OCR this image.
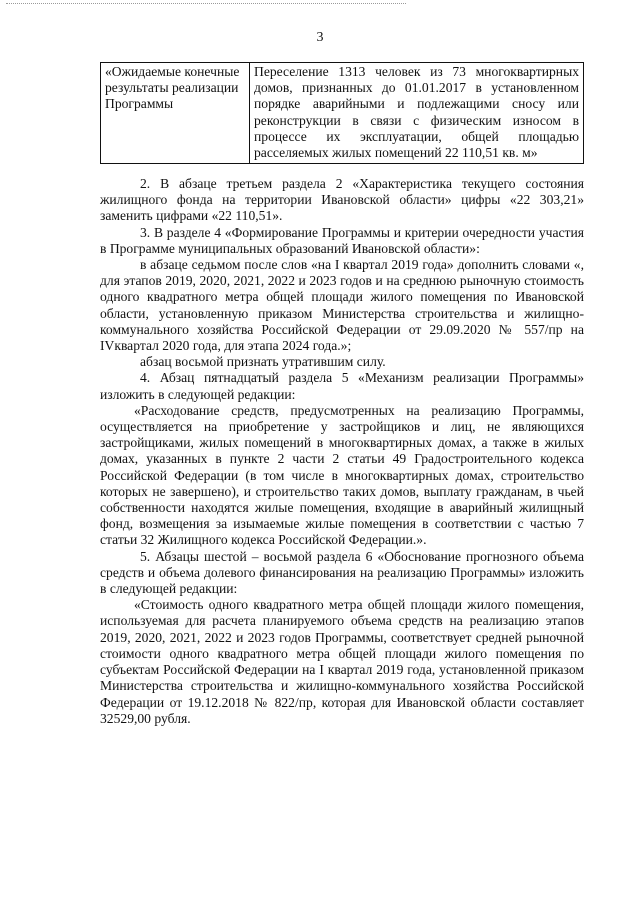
3
«Ожидаемые конечные результаты реализации Программы	Переселение 1313 человек из 73 многоквартирных домов, признанных до 01.01.2017 в установленном порядке аварийными и подлежащими сносу или реконструкции в связи с физическим износом в процессе их эксплуатации, общей площадью расселяемых жилых помещений 22 110,51 кв. м»

2. В абзаце третьем раздела 2 «Характеристика текущего состояния жилищного фонда на территории Ивановской области» цифры «22 303,21» заменить цифрами «22 110,51».

3. В разделе 4 «Формирование Программы и критерии очередности участия в Программе муниципальных образований Ивановской области»:

в абзаце седьмом после слов «на I квартал 2019 года» дополнить словами «, для этапов 2019, 2020, 2021, 2022 и 2023 годов и на среднюю рыночную стоимость одного квадратного метра общей площади жилого помещения по Ивановской области, установленную приказом Министерства строительства и жилищно-коммунального хозяйства Российской Федерации от 29.09.2020 № 557/пр на IVквартал 2020 года, для этапа 2024 года.»;

абзац восьмой признать утратившим силу.

4. Абзац пятнадцатый раздела 5 «Механизм реализации Программы» изложить в следующей редакции:

«Расходование средств, предусмотренных на реализацию Программы, осуществляется на приобретение у застройщиков и лиц, не являющихся застройщиками, жилых помещений в многоквартирных домах, а также в жилых домах, указанных в пункте 2 части 2 статьи 49 Градостроительного кодекса Российской Федерации (в том числе в многоквартирных домах, строительство которых не завершено), и строительство таких домов, выплату гражданам, в чьей собственности находятся жилые помещения, входящие в аварийный жилищный фонд, возмещения за изымаемые жилые помещения в соответствии с частью 7 статьи 32 Жилищного кодекса Российской Федерации.».

5. Абзацы шестой – восьмой раздела 6 «Обоснование прогнозного объема средств и объема долевого финансирования на реализацию Программы» изложить в следующей редакции:

«Стоимость одного квадратного метра общей площади жилого помещения, используемая для расчета планируемого объема средств на реализацию этапов 2019, 2020, 2021, 2022 и 2023 годов Программы, соответствует средней рыночной стоимости одного квадратного метра общей площади жилого помещения по субъектам Российской Федерации на I квартал 2019 года, установленной приказом Министерства строительства и жилищно-коммунального хозяйства Российской Федерации от 19.12.2018 № 822/пр, которая для Ивановской области составляет 32529,00 рубля.
